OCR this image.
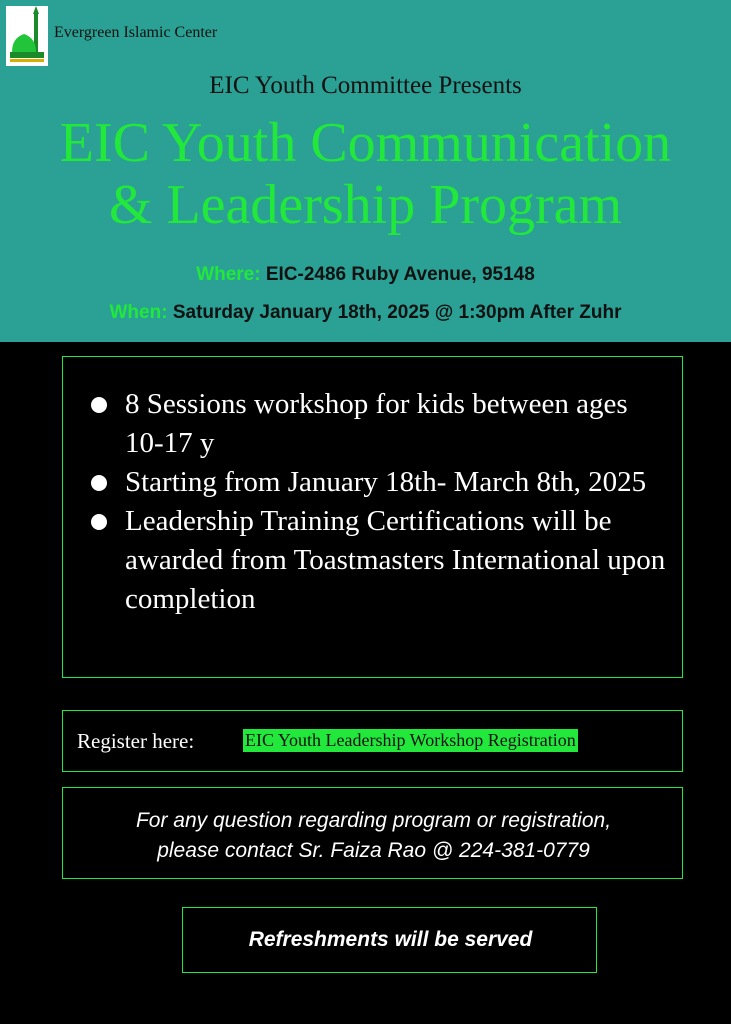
Evergreen Islamic Center
EIC Youth Committee Presents
EIC Youth Communication
& Leadership Program
Where: EIC-2486 Ruby Avenue, 95148
When: Saturday January 18th, 2025 @ 1:30pm After Zuhr
8 Sessions workshop for kids between ages 10-17 y
Starting from January 18th- March 8th, 2025
Leadership Training Certifications will be awarded from Toastmasters International upon completion
Register here:	EIC Youth Leadership Workshop Registration
For any question regarding program or registration,
please contact Sr. Faiza Rao @ 224-381-0779
Refreshments will be served
